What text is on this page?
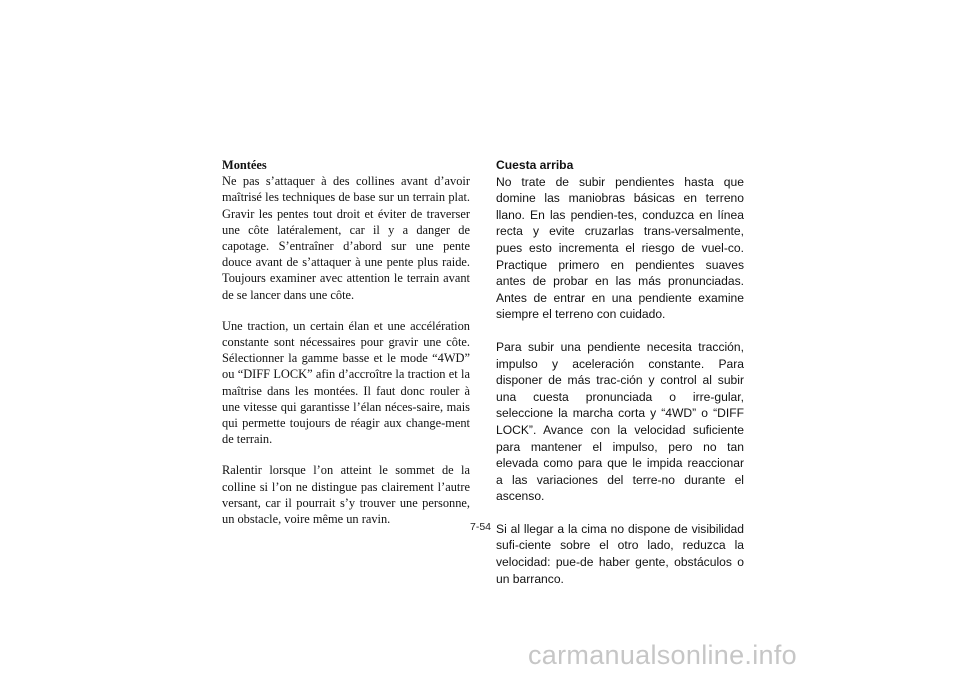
Montées

Ne pas s’attaquer à des collines avant d’avoir maîtrisé les techniques de base sur un terrain plat. Gravir les pentes tout droit et éviter de traverser une côte latéralement, car il y a danger de capotage. S’entraîner d’abord sur une pente douce avant de s’attaquer à une pente plus raide. Toujours examiner avec attention le terrain avant de se lancer dans une côte.

Une traction, un certain élan et une accélération constante sont nécessaires pour gravir une côte. Sélectionner la gamme basse et le mode “4WD” ou “DIFF LOCK” afin d’accroître la traction et la maîtrise dans les montées. Il faut donc rouler à une vitesse qui garantisse l’élan néces-saire, mais qui permette toujours de réagir aux change-ment de terrain.

Ralentir lorsque l’on atteint le sommet de la colline si l’on ne distingue pas clairement l’autre versant, car il pourrait s’y trouver une personne, un obstacle, voire même un ravin.

Cuesta arriba

No trate de subir pendientes hasta que domine las maniobras básicas en terreno llano. En las pendien-tes, conduzca en línea recta y evite cruzarlas trans-versalmente, pues esto incrementa el riesgo de vuel-co. Practique primero en pendientes suaves antes de probar en las más pronunciadas. Antes de entrar en una pendiente examine siempre el terreno con cuidado.

Para subir una pendiente necesita tracción, impulso y aceleración constante. Para disponer de más trac-ción y control al subir una cuesta pronunciada o irre-gular, seleccione la marcha corta y “4WD” o “DIFF LOCK”. Avance con la velocidad suficiente para mantener el impulso, pero no tan elevada como para que le impida reaccionar a las variaciones del terre-no durante el ascenso.

Si al llegar a la cima no dispone de visibilidad sufi-ciente sobre el otro lado, reduzca la velocidad: pue-de haber gente, obstáculos o un barranco.

7-54
carmanualsonline.info
